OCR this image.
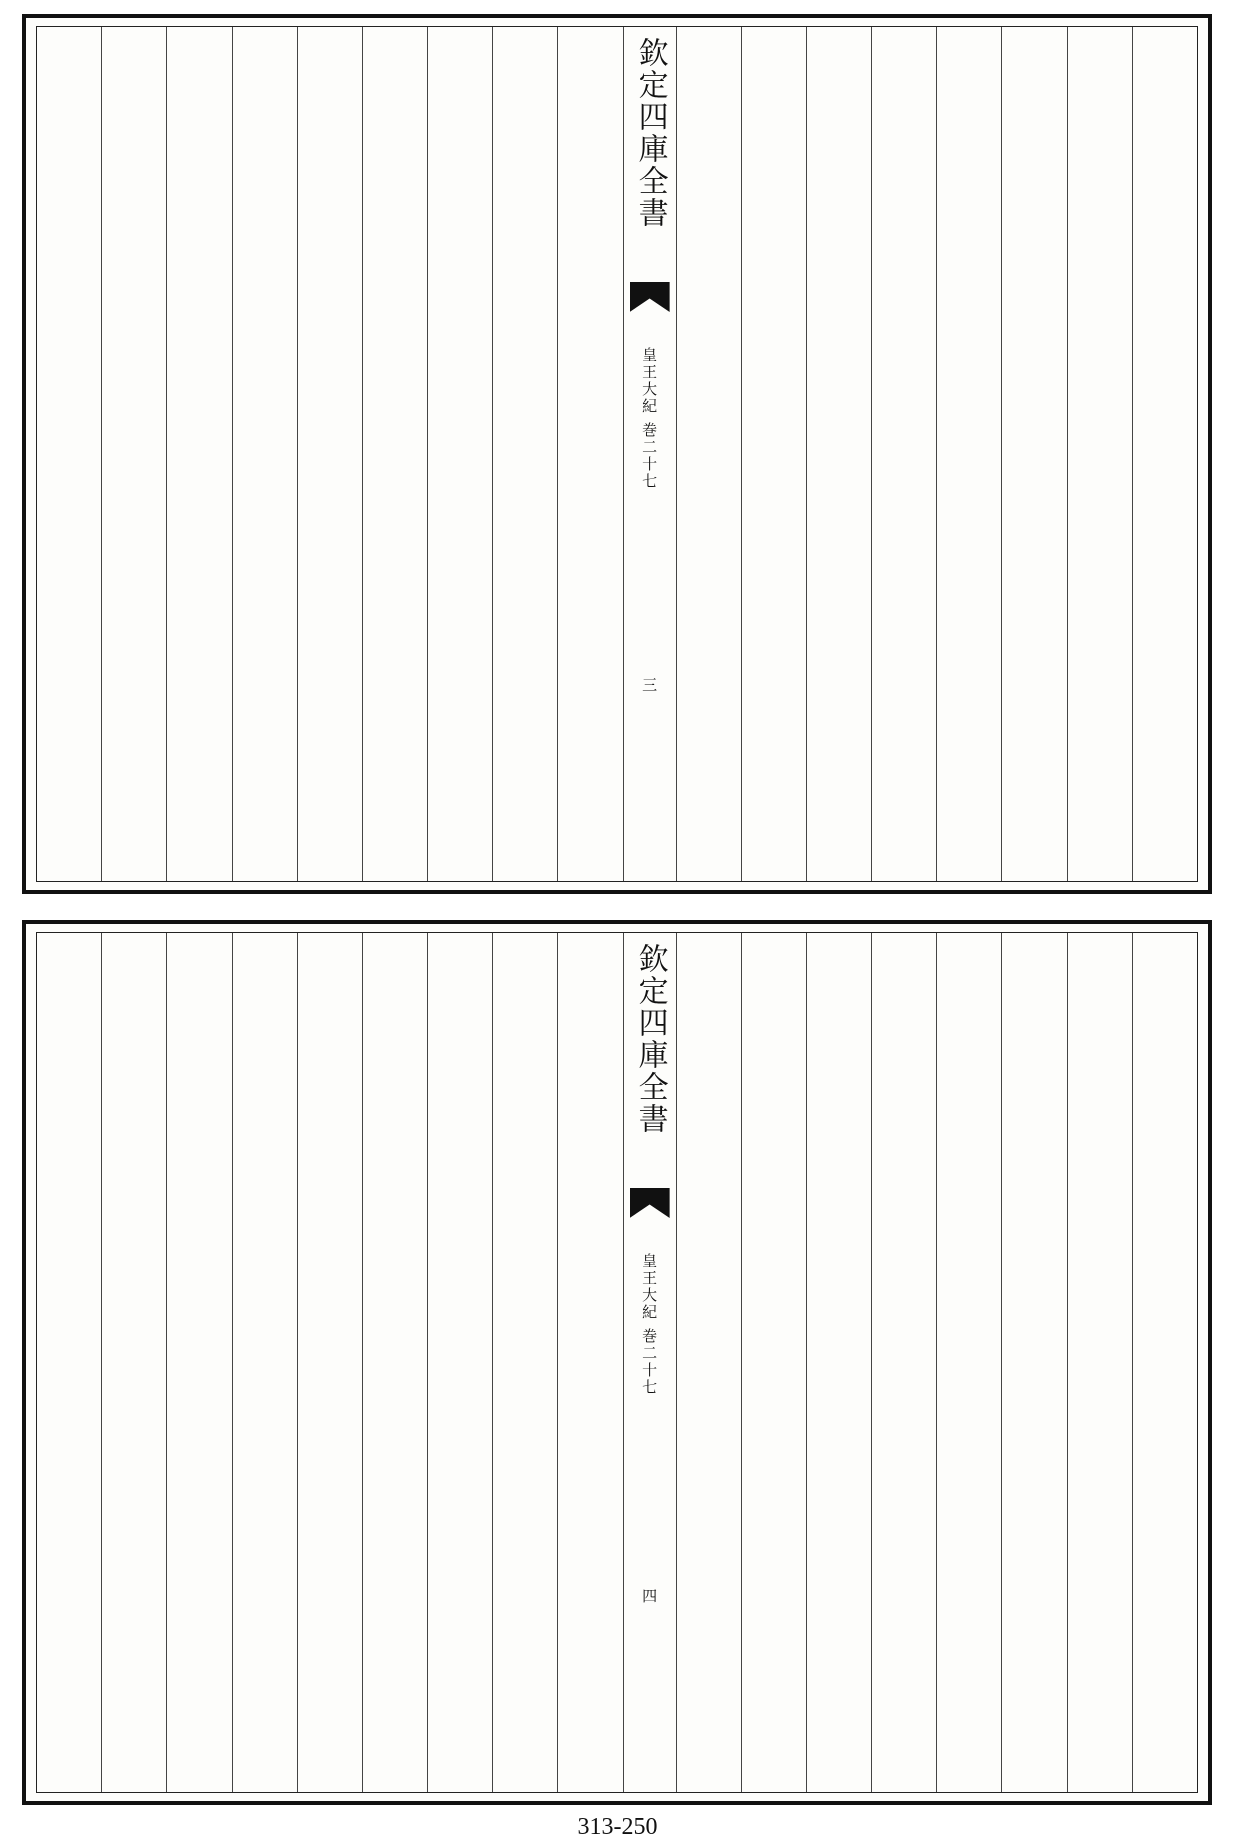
欽定四庫全書
皇王大紀
巻二十七
三
欽定四庫全書
皇王大紀
巻二十七
四
313-250
